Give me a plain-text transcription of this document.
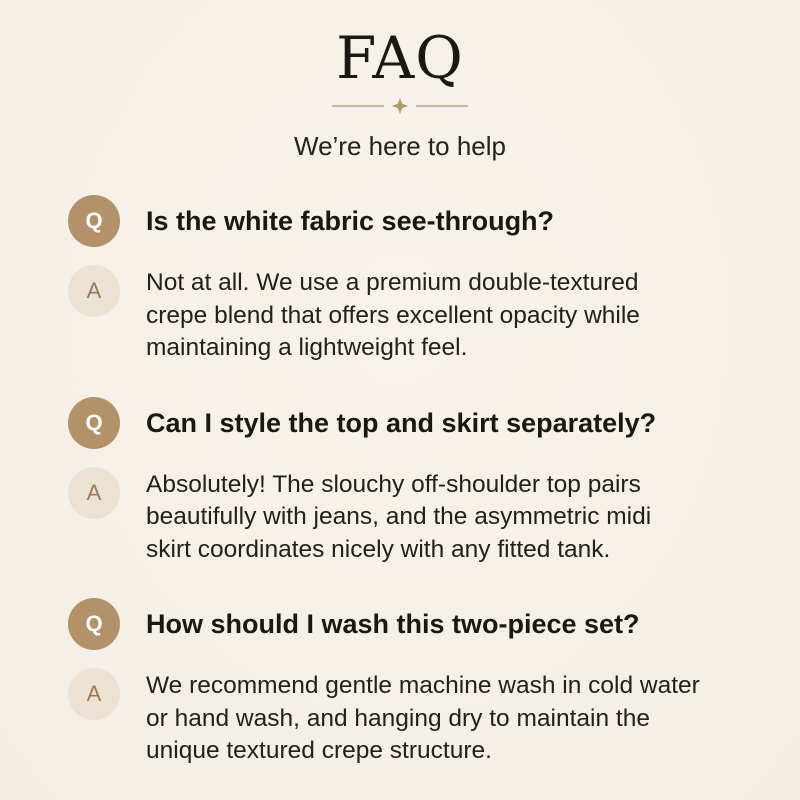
FAQ
We’re here to help
Q	Is the white fabric see-through?
A	Not at all. We use a premium double-textured
crepe blend that offers excellent opacity while
maintaining a lightweight feel.
Q	Can I style the top and skirt separately?
A	Absolutely! The slouchy off-shoulder top pairs
beautifully with jeans, and the asymmetric midi
skirt coordinates nicely with any fitted tank.
Q	How should I wash this two-piece set?
A	We recommend gentle machine wash in cold water
or hand wash, and hanging dry to maintain the
unique textured crepe structure.
